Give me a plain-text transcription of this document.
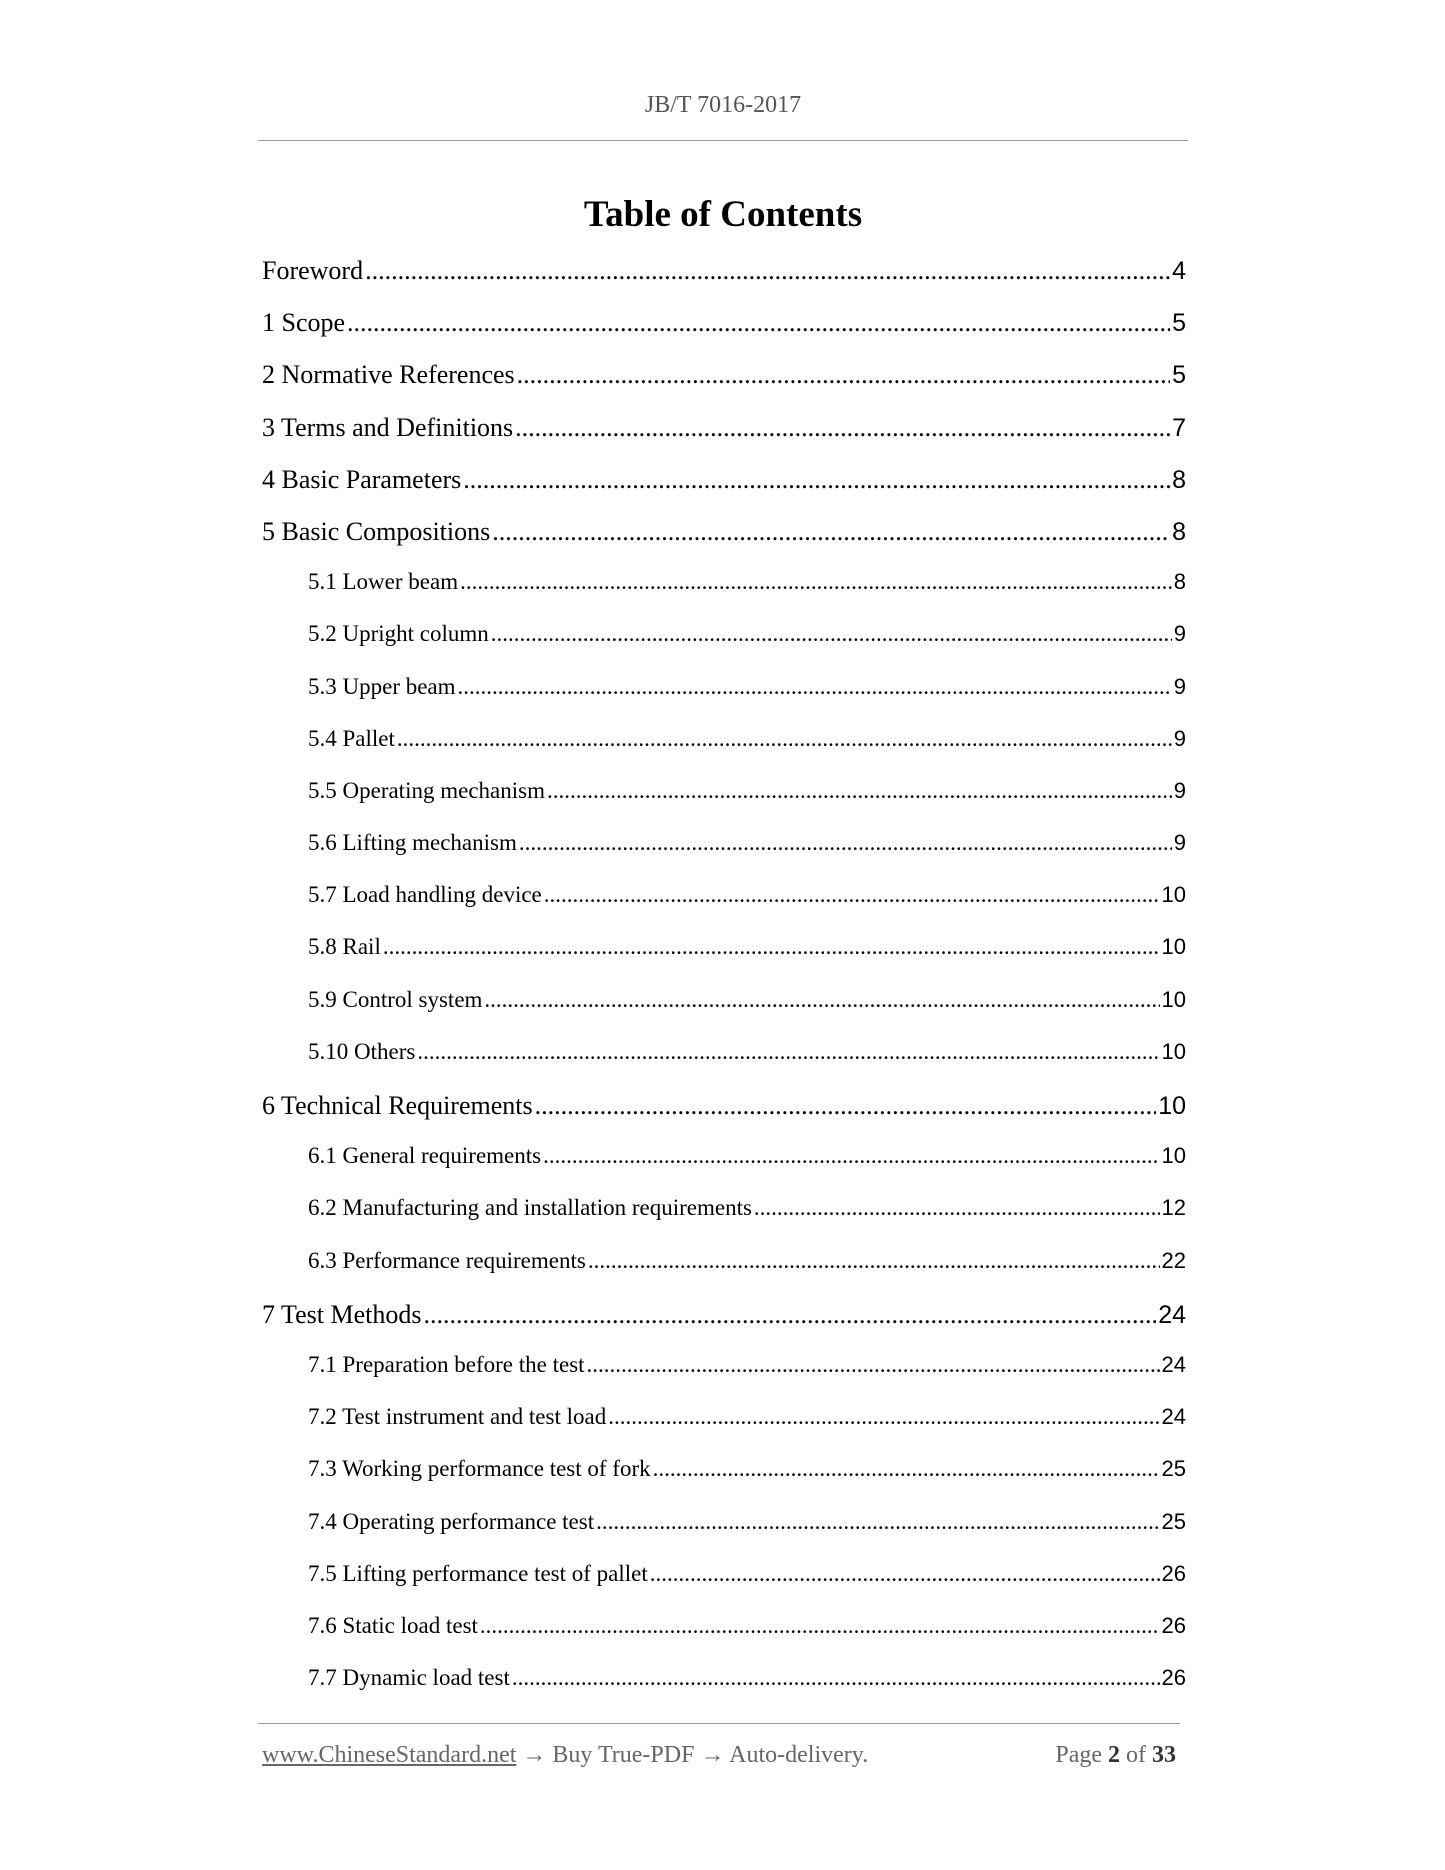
JB/T 7016-2017
Table of Contents
Foreword .....	4
1 Scope .....	5
2 Normative References .....	5
3 Terms and Definitions .....	7
4 Basic Parameters .....	8
5 Basic Compositions .....	8
5.1 Lower beam .....	8
5.2 Upright column .....	9
5.3 Upper beam .....	9
5.4 Pallet .....	9
5.5 Operating mechanism .....	9
5.6 Lifting mechanism .....	9
5.7 Load handling device .....	10
5.8 Rail .....	10
5.9 Control system .....	10
5.10 Others .....	10
6 Technical Requirements .....	10
6.1 General requirements .....	10
6.2 Manufacturing and installation requirements .....	12
6.3 Performance requirements .....	22
7 Test Methods .....	24
7.1 Preparation before the test .....	24
7.2 Test instrument and test load .....	24
7.3 Working performance test of fork .....	25
7.4 Operating performance test .....	25
7.5 Lifting performance test of pallet .....	26
7.6 Static load test .....	26
7.7 Dynamic load test .....	26
www.ChineseStandard.net → Buy True-PDF → Auto-delivery.	Page 2 of 33
